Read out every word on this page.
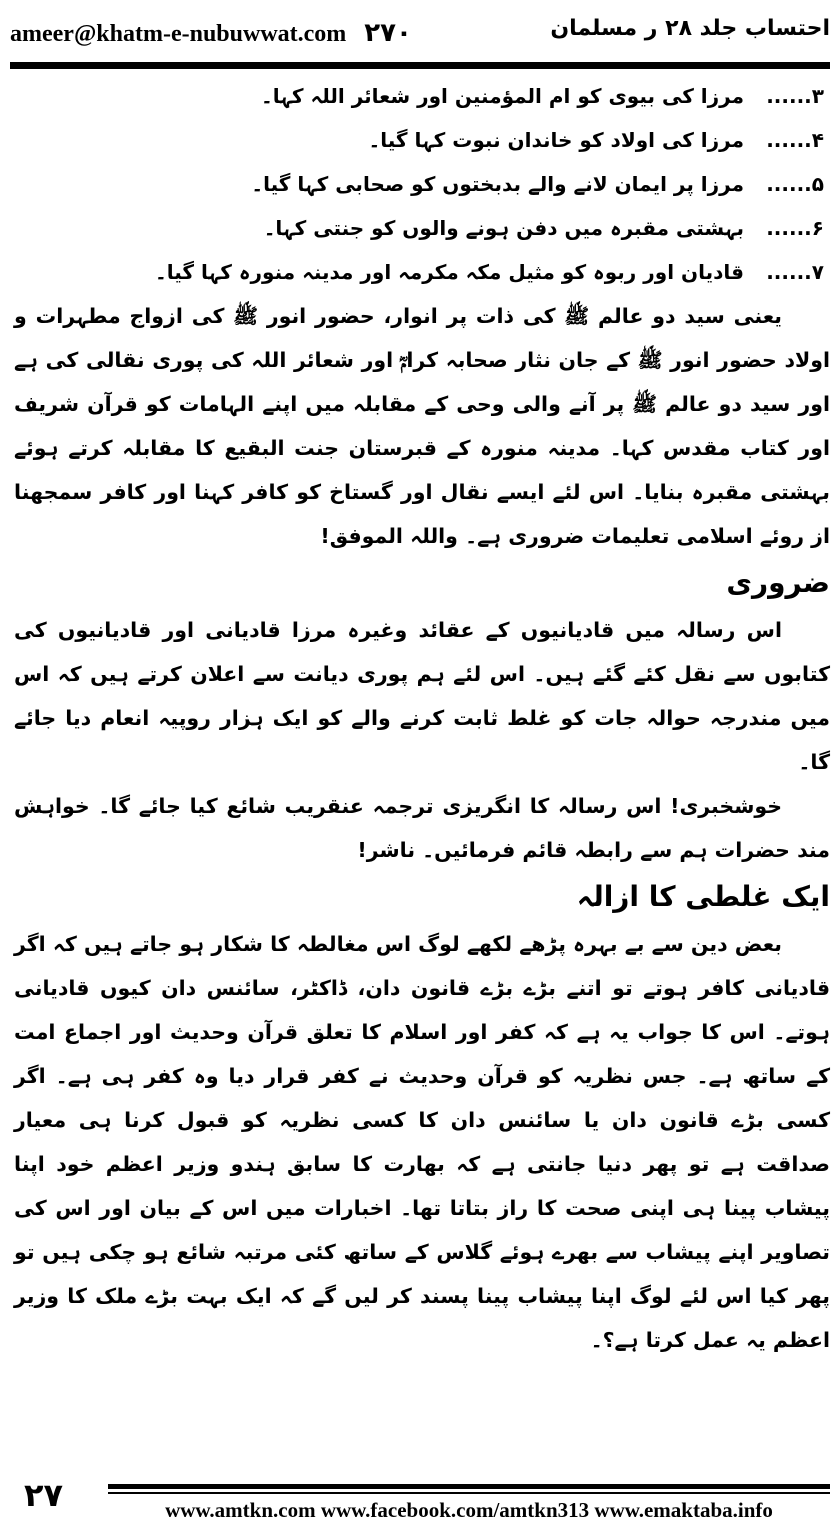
ameer@khatm-e-nubuwwat.com ۲۷۰	احتساب جلد ۲۸ ر مسلمان
۳......
مرزا کی بیوی کو ام المؤمنین اور شعائر اللہ کہا۔
۴......
مرزا کی اولاد کو خاندان نبوت کہا گیا۔
۵......
مرزا پر ایمان لانے والے بدبختوں کو صحابی کہا گیا۔
۶......
بہشتی مقبرہ میں دفن ہونے والوں کو جنتی کہا۔
۷......
قادیان اور ربوہ کو مثیل مکہ مکرمہ اور مدینہ منورہ کہا گیا۔

یعنی سید دو عالم ﷺ کی ذات پر انوار، حضور انور ﷺ کی ازواج مطہرات و اولاد حضور انور ﷺ کے جان نثار صحابہ کرامؓ اور شعائر اللہ کی پوری نقالی کی ہے اور سید دو عالم ﷺ پر آنے والی وحی کے مقابلہ میں اپنے الہامات کو قرآن شریف اور کتاب مقدس کہا۔ مدینہ منورہ کے قبرستان جنت البقیع کا مقابلہ کرتے ہوئے بہشتی مقبرہ بنایا۔ اس لئے ایسے نقال اور گستاخ کو کافر کہنا اور کافر سمجھنا از روئے اسلامی تعلیمات ضروری ہے۔ واللہ الموفق!

ضروری

اس رسالہ میں قادیانیوں کے عقائد وغیرہ مرزا قادیانی اور قادیانیوں کی کتابوں سے نقل کئے گئے ہیں۔ اس لئے ہم پوری دیانت سے اعلان کرتے ہیں کہ اس میں مندرجہ حوالہ جات کو غلط ثابت کرنے والے کو ایک ہزار روپیہ انعام دیا جائے گا۔

خوشخبری! اس رسالہ کا انگریزی ترجمہ عنقریب شائع کیا جائے گا۔ خواہش مند حضرات ہم سے رابطہ قائم فرمائیں۔ ناشر!

ایک غلطی کا ازالہ

بعض دین سے بے بہرہ پڑھے لکھے لوگ اس مغالطہ کا شکار ہو جاتے ہیں کہ اگر قادیانی کافر ہوتے تو اتنے بڑے بڑے قانون دان، ڈاکٹر، سائنس دان کیوں قادیانی ہوتے۔ اس کا جواب یہ ہے کہ کفر اور اسلام کا تعلق قرآن وحدیث اور اجماع امت کے ساتھ ہے۔ جس نظریہ کو قرآن وحدیث نے کفر قرار دیا وہ کفر ہی ہے۔ اگر کسی بڑے قانون دان یا سائنس دان کا کسی نظریہ کو قبول کرنا ہی معیار صداقت ہے تو پھر دنیا جانتی ہے کہ بھارت کا سابق ہندو وزیر اعظم خود اپنا پیشاب پینا ہی اپنی صحت کا راز بتاتا تھا۔ اخبارات میں اس کے بیان اور اس کی تصاویر اپنے پیشاب سے بھرے ہوئے گلاس کے ساتھ کئی مرتبہ شائع ہو چکی ہیں تو پھر کیا اس لئے لوگ اپنا پیشاب پینا پسند کر لیں گے کہ ایک بہت بڑے ملک کا وزیر اعظم یہ عمل کرتا ہے؟۔

۲۷	www.amtkn.com www.facebook.com/amtkn313 www.emaktaba.info
